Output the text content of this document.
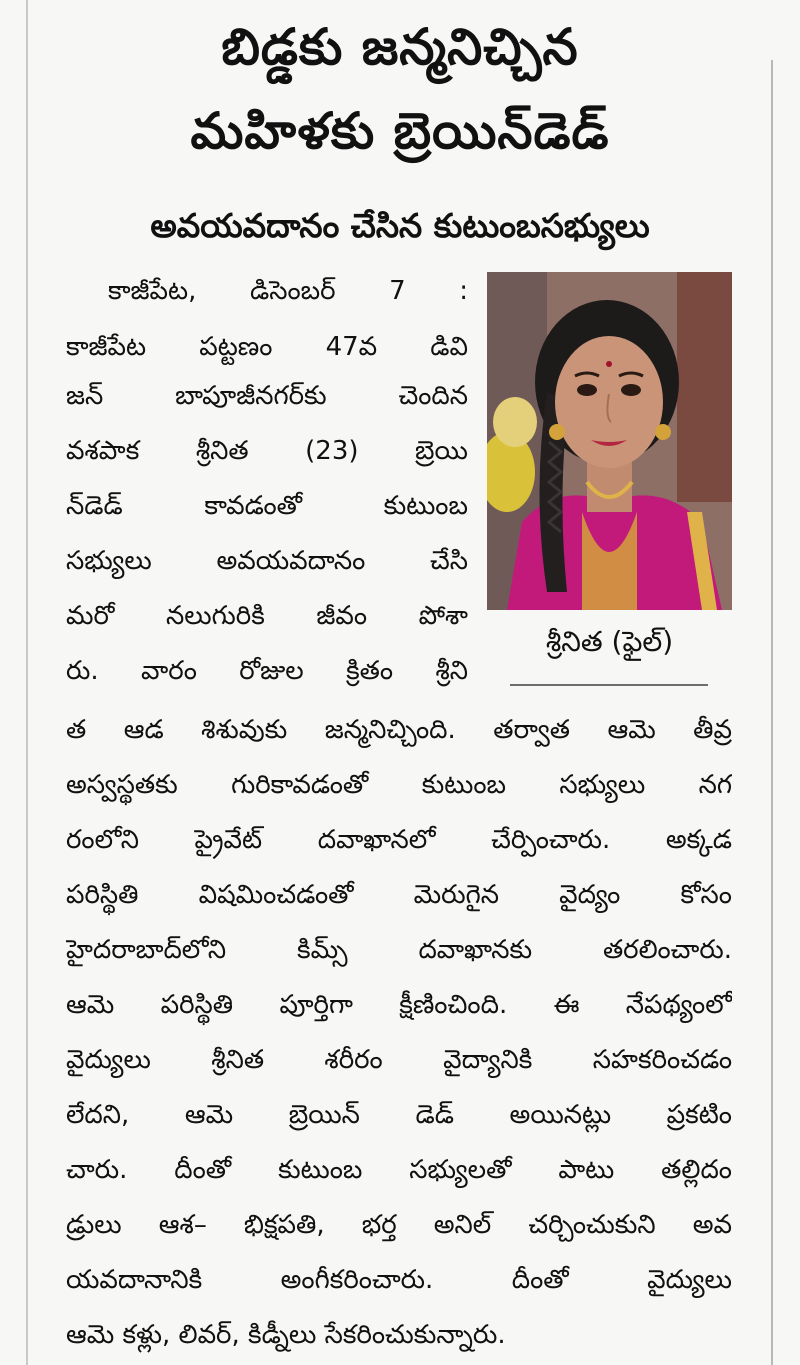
బిడ్డకు జన్మనిచ్చిన
మహిళకు బ్రెయిన్‌డెడ్
అవయవదానం చేసిన కుటుంబసభ్యులు
కాజీపేట, డిసెంబర్ 7 :
కాజీపేట పట్టణం 47వ డివి
జన్ బాపూజీనగర్‌కు చెందిన
వశపాక శ్రీనిత (23) బ్రెయి
న్‌డెడ్ కావడంతో కుటుంబ
సభ్యులు అవయవదానం చేసి
మరో నలుగురికి జీవం పోశా
రు. వారం రోజుల క్రితం శ్రీని
శ్రీనిత (ఫైల్)
త ఆడ శిశువుకు జన్మనిచ్చింది. తర్వాత ఆమె తీవ్ర
అస్వస్థతకు గురికావడంతో కుటుంబ సభ్యులు నగ
రంలోని ప్రైవేట్ దవాఖానలో చేర్పించారు. అక్కడ
పరిస్థితి విషమించడంతో మెరుగైన వైద్యం కోసం
హైదరాబాద్‌లోని కిమ్స్ దవాఖానకు తరలించారు.
ఆమె పరిస్థితి పూర్తిగా క్షీణించింది. ఈ నేపథ్యంలో
వైద్యులు శ్రీనిత శరీరం వైద్యానికి సహకరించడం
లేదని, ఆమె బ్రెయిన్ డెడ్ అయినట్లు ప్రకటిం
చారు. దీంతో కుటుంబ సభ్యులతో పాటు తల్లిదం
డ్రులు ఆశ– భిక్షపతి, భర్త అనిల్ చర్చించుకుని అవ
యవదానానికి అంగీకరించారు. దీంతో వైద్యులు
ఆమె కళ్లు, లివర్, కిడ్నీలు సేకరించుకున్నారు.
